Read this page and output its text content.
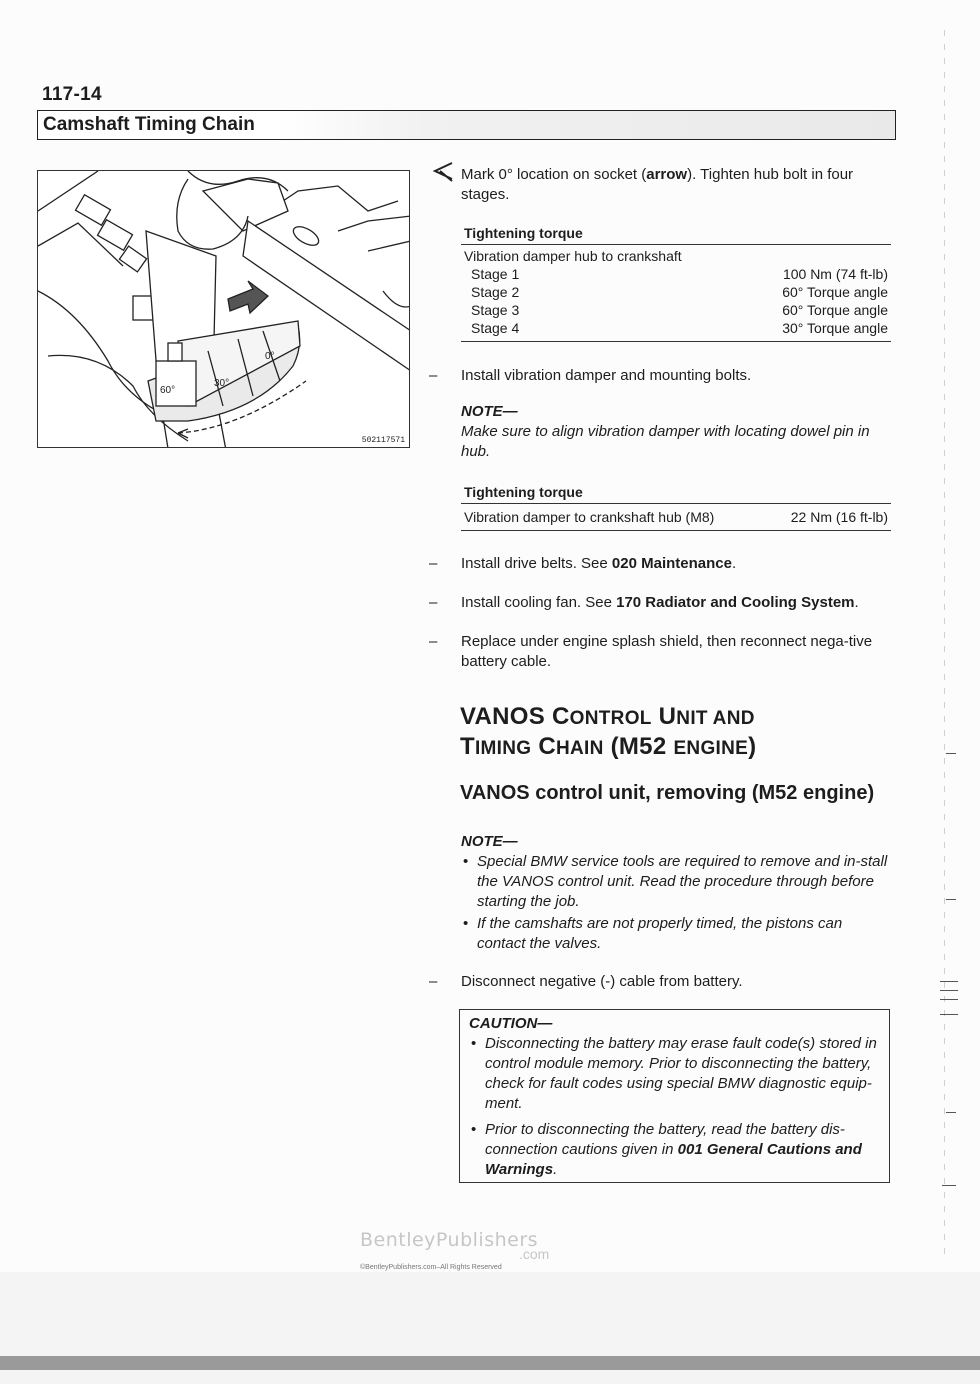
117-14
Camshaft Timing Chain
60°
30°
0°
502117571
Mark 0° location on socket (arrow). Tighten hub bolt in four stages.
Tightening torque
Vibration damper hub to crankshaft
Stage 1	100 Nm (74 ft-lb)
Stage 2	60° Torque angle
Stage 3	60° Torque angle
Stage 4	30° Torque angle
–	Install vibration damper and mounting bolts.
NOTE—
Make sure to align vibration damper with locating dowel pin in hub.
Tightening torque
Vibration damper to crankshaft hub (M8)	22 Nm (16 ft-lb)
–	Install drive belts. See 020 Maintenance.
–	Install cooling fan. See 170 Radiator and Cooling System.
–	Replace under engine splash shield, then reconnect nega-tive battery cable.
VANOS CONTROL UNIT AND
TIMING CHAIN (M52 ENGINE)
VANOS control unit, removing (M52 engine)
NOTE—
• Special BMW service tools are required to remove and in-stall the VANOS control unit. Read the procedure through before starting the job.
• If the camshafts are not properly timed, the pistons can contact the valves.
–	Disconnect negative (-) cable from battery.
CAUTION—
• Disconnecting the battery may erase fault code(s) stored in control module memory. Prior to disconnecting the battery, check for fault codes using special BMW diagnostic equip-ment.
• Prior to disconnecting the battery, read the battery dis-connection cautions given in 001 General Cautions and Warnings.
BentleyPublishers
.com
©BentleyPublishers.com–All Rights Reserved
